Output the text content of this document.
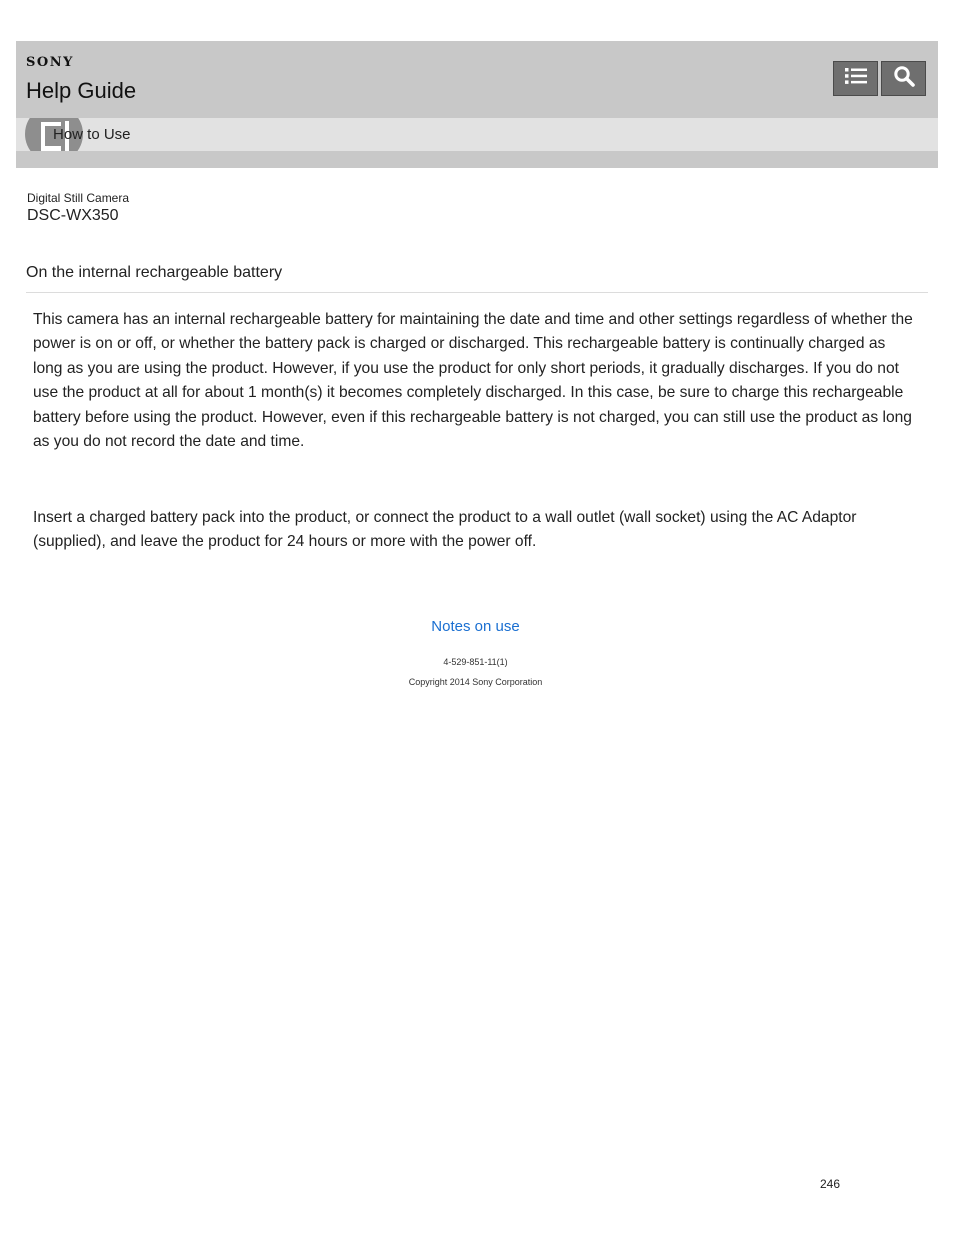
SONY
Help Guide
How to Use
Digital Still Camera
DSC-WX350
On the internal rechargeable battery

This camera has an internal rechargeable battery for maintaining the date and time and other settings regardless of whether the power is on or off, or whether the battery pack is charged or discharged. This rechargeable battery is continually charged as long as you are using the product. However, if you use the product for only short periods, it gradually discharges. If you do not use the product at all for about 1 month(s) it becomes completely discharged. In this case, be sure to charge this rechargeable battery before using the product. However, even if this rechargeable battery is not charged, you can still use the product as long as you do not record the date and time.

Insert a charged battery pack into the product, or connect the product to a wall outlet (wall socket) using the AC Adaptor (supplied), and leave the product for 24 hours or more with the power off.

Notes on use
4-529-851-11(1)
Copyright 2014 Sony Corporation
246
